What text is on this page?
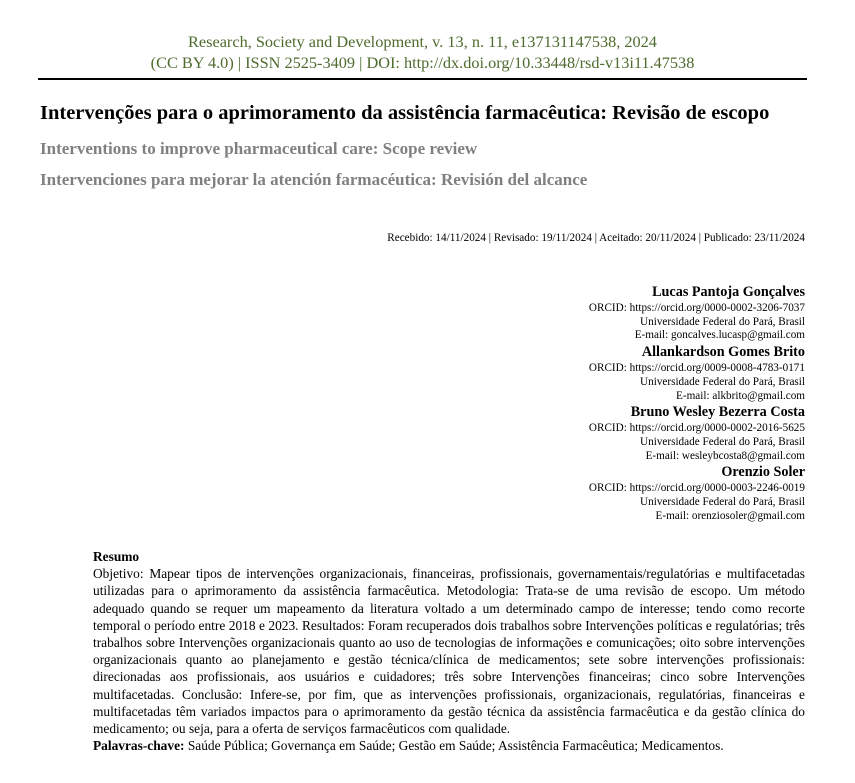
Research, Society and Development, v. 13, n. 11, e137131147538, 2024
(CC BY 4.0) | ISSN 2525-3409 | DOI: http://dx.doi.org/10.33448/rsd-v13i11.47538
Intervenções para o aprimoramento da assistência farmacêutica: Revisão de escopo
Interventions to improve pharmaceutical care: Scope review
Intervenciones para mejorar la atención farmacéutica: Revisión del alcance
Recebido: 14/11/2024 | Revisado: 19/11/2024 | Aceitado: 20/11/2024 | Publicado: 23/11/2024
Lucas Pantoja Gonçalves
ORCID: https://orcid.org/0000-0002-3206-7037
Universidade Federal do Pará, Brasil
E-mail: goncalves.lucasp@gmail.com
Allankardson Gomes Brito
ORCID: https://orcid.org/0009-0008-4783-0171
Universidade Federal do Pará, Brasil
E-mail: alkbrito@gmail.com
Bruno Wesley Bezerra Costa
ORCID: https://orcid.org/0000-0002-2016-5625
Universidade Federal do Pará, Brasil
E-mail: wesleybcosta8@gmail.com
Orenzio Soler
ORCID: https://orcid.org/0000-0003-2246-0019
Universidade Federal do Pará, Brasil
E-mail: orenziosoler@gmail.com
Resumo
Objetivo: Mapear tipos de intervenções organizacionais, financeiras, profissionais, governamentais/regulatórias e multifacetadas utilizadas para o aprimoramento da assistência farmacêutica. Metodologia: Trata-se de uma revisão de escopo. Um método adequado quando se requer um mapeamento da literatura voltado a um determinado campo de interesse; tendo como recorte temporal o período entre 2018 e 2023. Resultados: Foram recuperados dois trabalhos sobre Intervenções políticas e regulatórias; três trabalhos sobre Intervenções organizacionais quanto ao uso de tecnologias de informações e comunicações; oito sobre intervenções organizacionais quanto ao planejamento e gestão técnica/clínica de medicamentos; sete sobre intervenções profissionais: direcionadas aos profissionais, aos usuários e cuidadores; três sobre Intervenções financeiras; cinco sobre Intervenções multifacetadas. Conclusão: Infere-se, por fim, que as intervenções profissionais, organizacionais, regulatórias, financeiras e multifacetadas têm variados impactos para o aprimoramento da gestão técnica da assistência farmacêutica e da gestão clínica do medicamento; ou seja, para a oferta de serviços farmacêuticos com qualidade.
Palavras-chave: Saúde Pública; Governança em Saúde; Gestão em Saúde; Assistência Farmacêutica; Medicamentos.
